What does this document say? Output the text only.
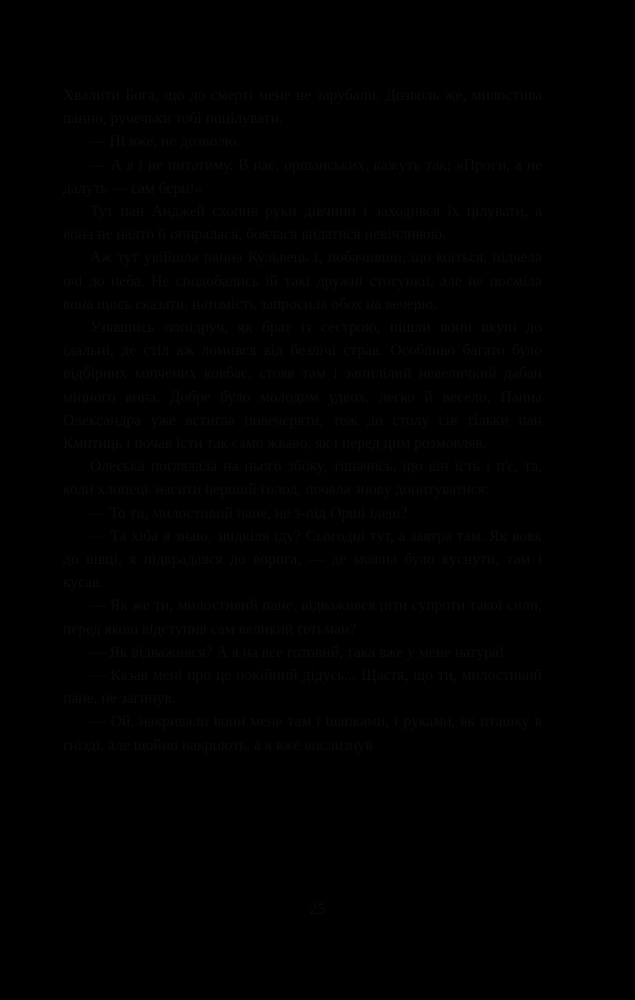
Хвалити Бога, що до смерті мене не зарубали. Дозволь же, милостива панно, ручечьки тобі поцілувати.

— Ні вже, не дозволю.

— А я і не питатиму. В нас, оршанських, кажуть так: «Проси, а не дадуть — сам бери!»

Тут пан Анджей схопив руки дівчини і заходився їх цілувати, а вона не надто й опиралася, боялася видатися невічливою.

Аж тут увійшла панна Кульвець і, побачивши, що коїться, підвела очі до неба. Не сподобались їй такі дружні стосунки, але не посміла вона щось сказати, натомість запросила обох на вечерю.

Узявшись попідруч, як брат із сестрою, пішли вони вкупі до їдальні, де стіл аж ломився від безлічі страв. Особливо багато було відбірних копчених ковбас, стояв там і запилілий невеличкий дабан міцного вина. Добре було молодим удвох, легко й весело. Панна Олександра уже встигла повечеряти, тож до столу сів тільки пан Кмитиць і почав їсти так само жваво, як і перед цим розмовляв.

Олеська поглядала на нього збоку, тішачись, що він їсть і п'є, та, коли хлопець насити перший голод, почала знову допитуватися:

— То ти, милостивий пане, не з-під Орші їдеш?

— Та хіба я знаю, звідкіля їду? Сьогодні тут, а завтра там. Як вовк до вівці, я підкрадався до ворога, — де можна було куснути, там і кусав.

— Як же ти, милостивий пане, відважився піти супроти такої сили, перед якою відступив сам великий гетьман?

— Як відважився? А я на все готовий, така вже у мене натура!

— Казав мені про це покійний дідусь... Щастя, що ти, милостивий пане, не загинув.

— Ой, накривали вони мене там і шапками, і руками, як пташку в гнізді, але щойно накриють, а я вже вислизнув

25
